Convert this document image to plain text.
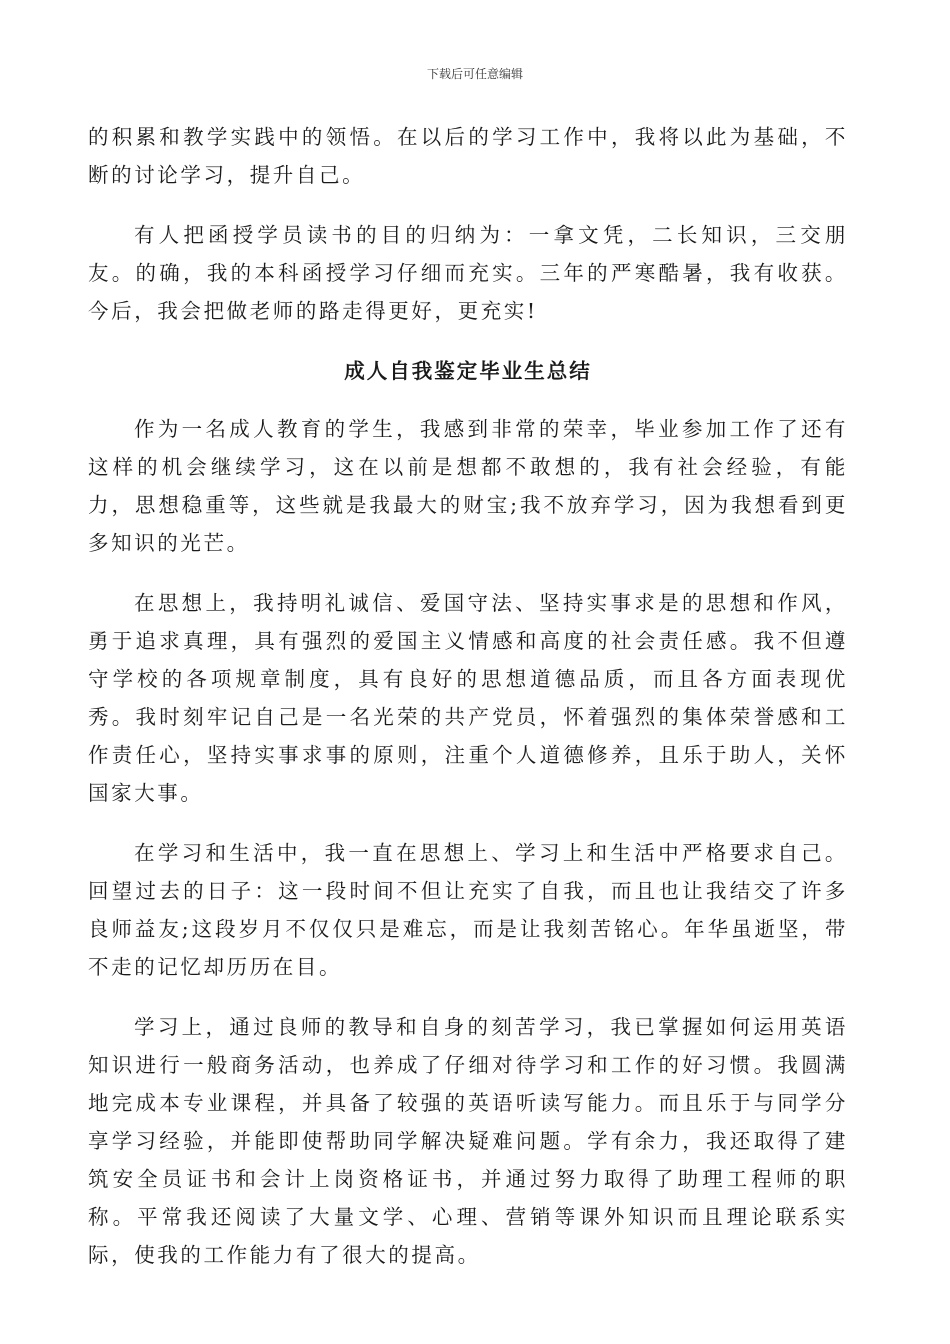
下载后可任意编辑

的积累和教学实践中的领悟。在以后的学习工作中，我将以此为基础，不断的讨论学习，提升自己。

有人把函授学员读书的目的归纳为：一拿文凭，二长知识，三交朋友。的确，我的本科函授学习仔细而充实。三年的严寒酷暑，我有收获。今后，我会把做老师的路走得更好，更充实!

成人自我鉴定毕业生总结

作为一名成人教育的学生，我感到非常的荣幸，毕业参加工作了还有这样的机会继续学习，这在以前是想都不敢想的，我有社会经验，有能力，思想稳重等，这些就是我最大的财宝;我不放弃学习，因为我想看到更多知识的光芒。

在思想上，我持明礼诚信、爱国守法、坚持实事求是的思想和作风，勇于追求真理，具有强烈的爱国主义情感和高度的社会责任感。我不但遵守学校的各项规章制度，具有良好的思想道德品质，而且各方面表现优秀。我时刻牢记自己是一名光荣的共产党员，怀着强烈的集体荣誉感和工作责任心，坚持实事求事的原则，注重个人道德修养，且乐于助人，关怀国家大事。

在学习和生活中，我一直在思想上、学习上和生活中严格要求自己。回望过去的日子：这一段时间不但让充实了自我，而且也让我结交了许多良师益友;这段岁月不仅仅只是难忘，而是让我刻苦铭心。年华虽逝坚，带不走的记忆却历历在目。

学习上，通过良师的教导和自身的刻苦学习，我已掌握如何运用英语知识进行一般商务活动，也养成了仔细对待学习和工作的好习惯。我圆满地完成本专业课程，并具备了较强的英语听读写能力。而且乐于与同学分享学习经验，并能即使帮助同学解决疑难问题。学有余力，我还取得了建筑安全员证书和会计上岗资格证书，并通过努力取得了助理工程师的职称。平常我还阅读了大量文学、心理、营销等课外知识而且理论联系实际，使我的工作能力有了很大的提高。
